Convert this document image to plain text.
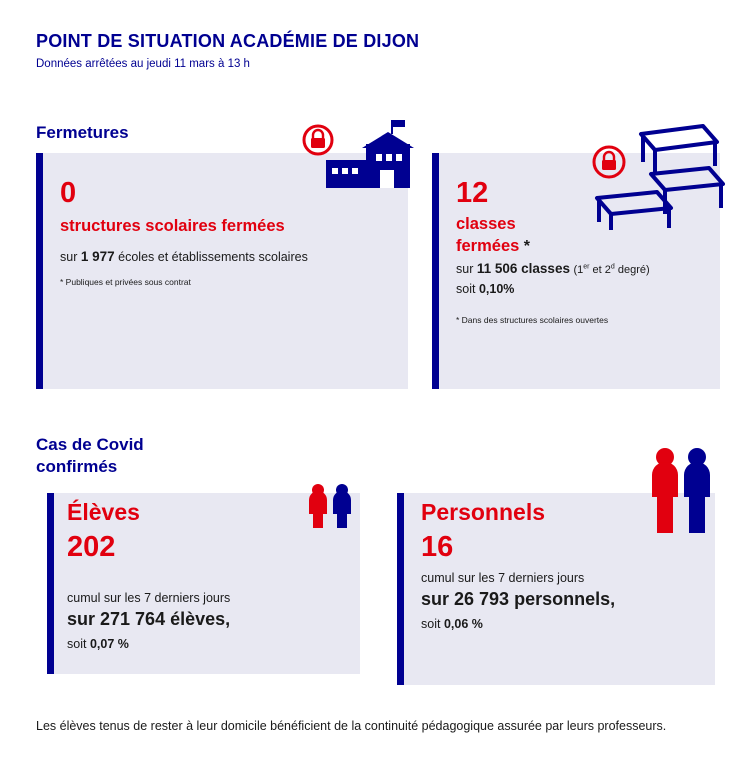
POINT DE SITUATION ACADÉMIE DE DIJON
Données arrêtées au jeudi 11 mars à 13 h
Fermetures
0
structures scolaires fermées
sur 1 977 écoles et établissements scolaires
* Publiques et privées sous contrat
12
classes
fermées *
sur 11 506 classes (1er et 2$^d$ degré)
soit 0,10%
* Dans des structures scolaires ouvertes
Cas de Covid
confirmés
Élèves
202
cumul sur les 7 derniers jours
sur 271 764 élèves,
soit 0,07 %
Personnels
16
cumul sur les 7 derniers jours
sur 26 793 personnels,
soit 0,06 %
Les élèves tenus de rester à leur domicile bénéficient de la continuité pédagogique assurée par leurs professeurs.
